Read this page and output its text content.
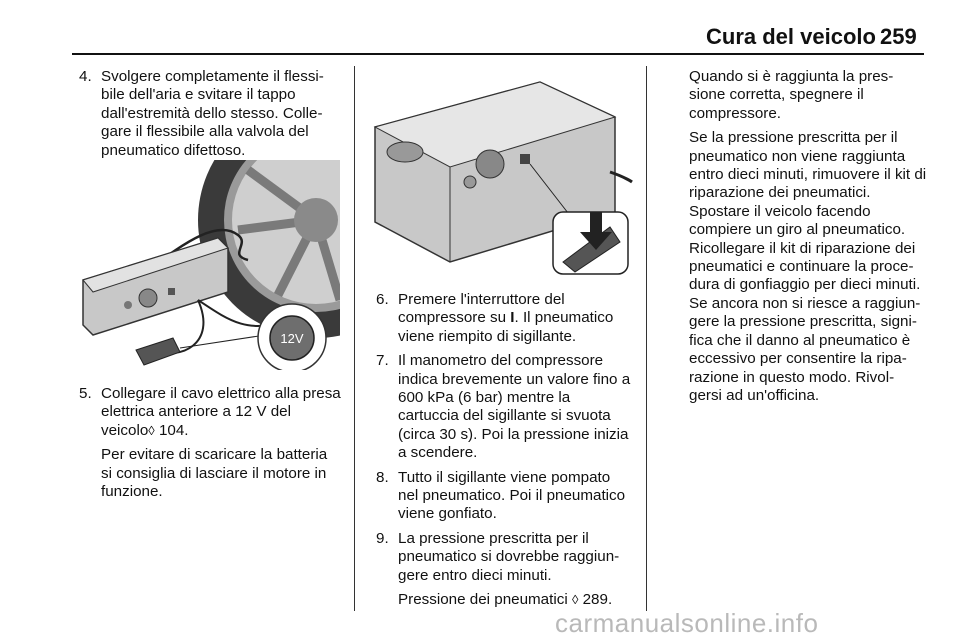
Cura del veicolo 259
4. Svolgere completamente il flessi-bile dell'aria e svitare il tappo dall'estremità dello stesso. Colle-gare il flessibile alla valvola del pneumatico difettoso.

12V
5. Collegare il cavo elettrico alla presa elettrica anteriore a 12 V del veicolo◊ 104.

Per evitare di scaricare la batteria si consiglia di lasciare il motore in funzione.

6. Premere l'interruttore del compressore su I. Il pneumatico viene riempito di sigillante.

7. Il manometro del compressore indica brevemente un valore fino a 600 kPa (6 bar) mentre la cartuccia del sigillante si svuota (circa 30 s). Poi la pressione inizia a scendere.

8. Tutto il sigillante viene pompato nel pneumatico. Poi il pneumatico viene gonfiato.

9. La pressione prescritta per il pneumatico si dovrebbe raggiun-gere entro dieci minuti.

Pressione dei pneumatici ◊ 289.

Quando si è raggiunta la pres-sione corretta, spegnere il compressore.

Se la pressione prescritta per il pneumatico non viene raggiunta entro dieci minuti, rimuovere il kit di riparazione dei pneumatici. Spostare il veicolo facendo compiere un giro al pneumatico. Ricollegare il kit di riparazione dei pneumatici e continuare la proce-dura di gonfiaggio per dieci minuti. Se ancora non si riesce a raggiun-gere la pressione prescritta, signi-fica che il danno al pneumatico è eccessivo per consentire la ripa-razione in questo modo. Rivol-gersi ad un'officina.

carmanualsonline.info
